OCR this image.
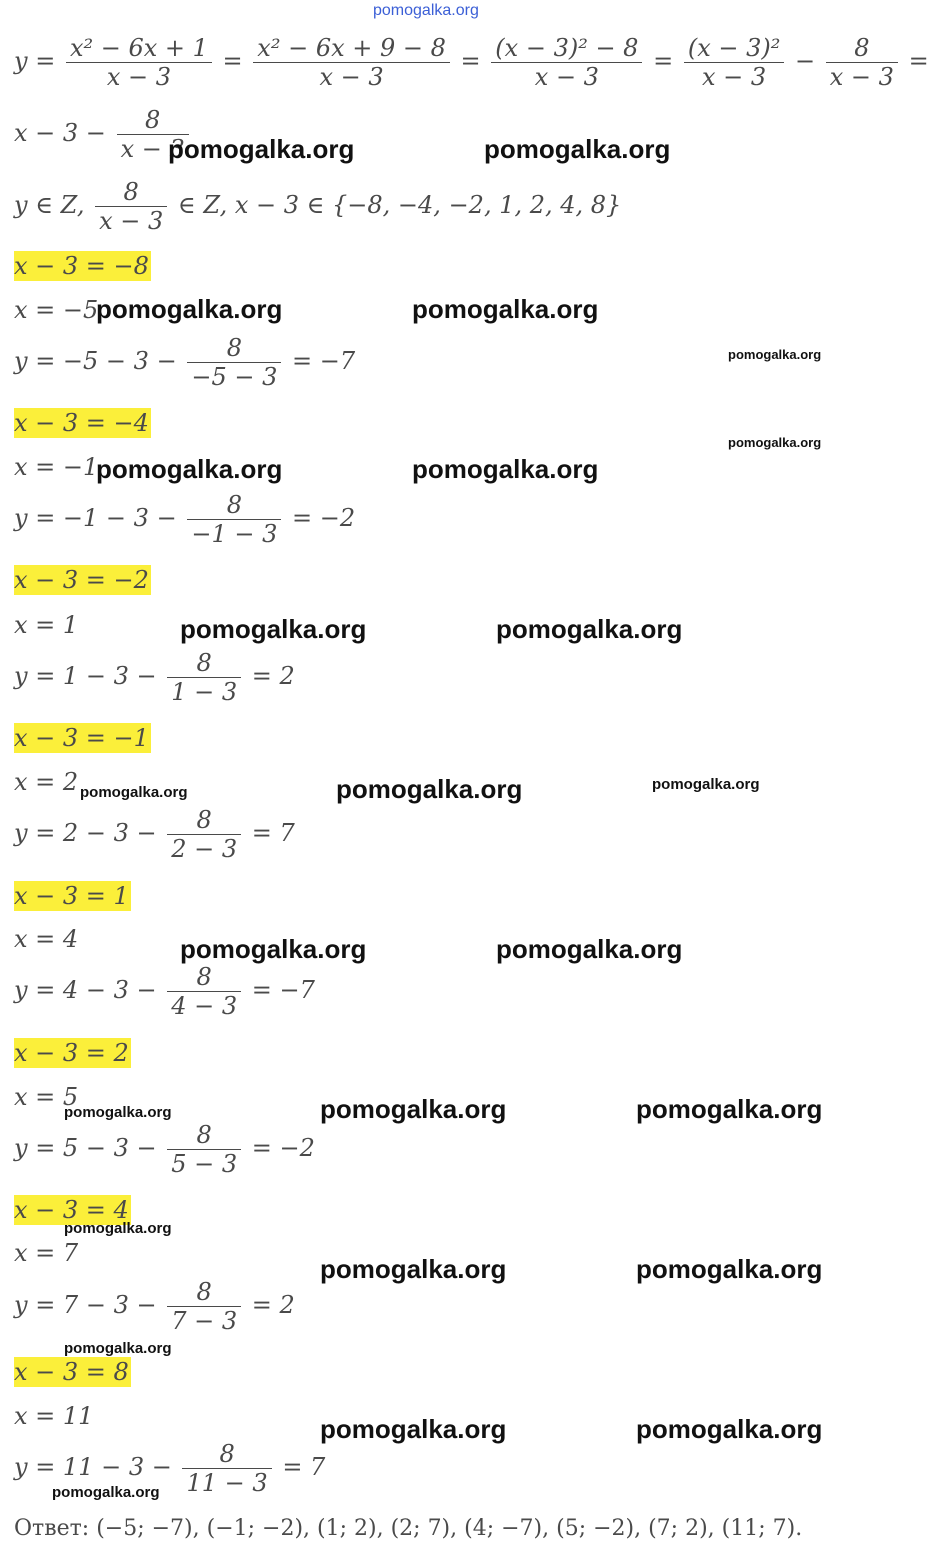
pomogalka.org
$y = \frac{\text{x² − 6x + 1}}{x - 3} = \frac{\text{x² − 6x + 9 − 8}}{x - 3} = \frac{\text{(x − 3)² − 8}}{x - 3} = \frac{\text{(x − 3)²}}{x - 3} - \frac{8}{x - 3}$ =
$x - 3 - \frac{8}{x - 3}$
y ∈ Z, $\frac{8}{x - 3}$ ∈ Z, x − 3 ∈ {−8, −4, −2, 1, 2, 4, 8}
x − 3 = −8
x = −5
$y = -5 - 3 - \frac{8}{-5 - 3} = -7$
x − 3 = −4
x = −1
$y = -1 - 3 - \frac{8}{-1 - 3} = -2$
x − 3 = −2
x = 1
$y = 1 - 3 - \frac{8}{1 - 3} = 2$
x − 3 = −1
x = 2
$y = 2 - 3 - \frac{8}{2 - 3} = 7$
x − 3 = 1
x = 4
$y = 4 - 3 - \frac{8}{4 - 3} = -7$
x − 3 = 2
x = 5
$y = 5 - 3 - \frac{8}{5 - 3} = -2$
x − 3 = 4
x = 7
$y = 7 - 3 - \frac{8}{7 - 3} = 2$
x − 3 = 8
x = 11
$y = 11 - 3 - \frac{8}{11 - 3} = 7$
Ответ: (−5; −7), (−1; −2), (1; 2), (2; 7), (4; −7), (5; −2), (7; 2), (11; 7).
pomogalka.org	pomogalka.org
pomogalka.org	pomogalka.org
pomogalka.org	pomogalka.org
pomogalka.org	pomogalka.org
pomogalka.org
pomogalka.org	pomogalka.org
pomogalka.org	pomogalka.org
pomogalka.org	pomogalka.org
pomogalka.org	pomogalka.org
pomogalka.org
pomogalka.org
pomogalka.org	pomogalka.org
pomogalka.org
pomogalka.org
pomogalka.org
pomogalka.org
